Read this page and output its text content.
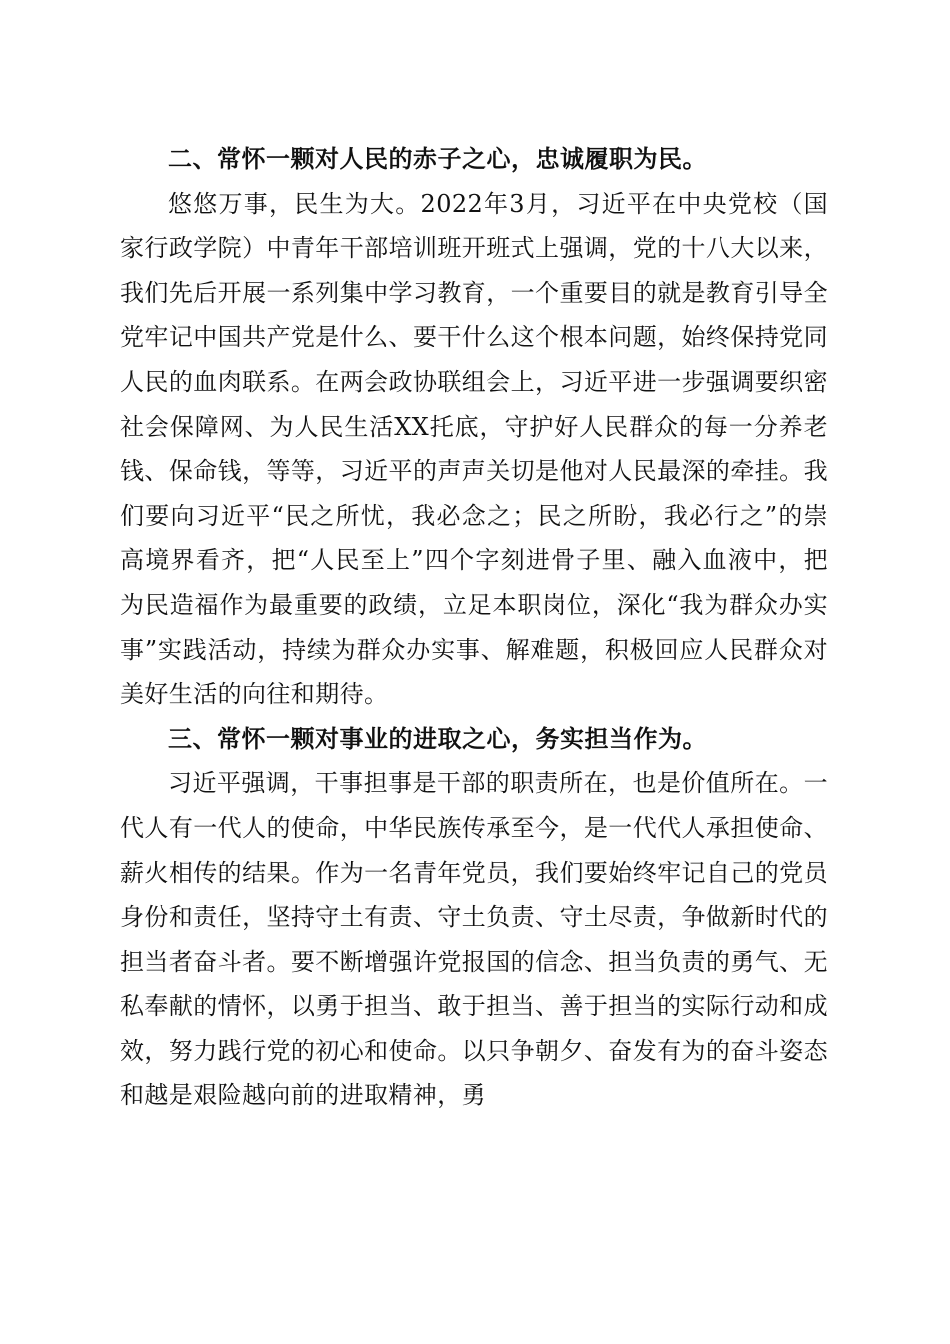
二、常怀一颗对人民的赤子之心，忠诚履职为民。

悠悠万事，民生为大。2022年3月，习近平在中央党校（国家行政学院）中青年干部培训班开班式上强调，党的十八大以来，我们先后开展一系列集中学习教育，一个重要目的就是教育引导全党牢记中国共产党是什么、要干什么这个根本问题，始终保持党同人民的血肉联系。在两会政协联组会上，习近平进一步强调要织密社会保障网、为人民生活XX托底，守护好人民群众的每一分养老钱、保命钱，等等，习近平的声声关切是他对人民最深的牵挂。我们要向习近平“民之所忧，我必念之；民之所盼，我必行之”的崇高境界看齐，把“人民至上”四个字刻进骨子里、融入血液中，把为民造福作为最重要的政绩，立足本职岗位，深化“我为群众办实事”实践活动，持续为群众办实事、解难题，积极回应人民群众对美好生活的向往和期待。

三、常怀一颗对事业的进取之心，务实担当作为。

习近平强调，干事担事是干部的职责所在，也是价值所在。一代人有一代人的使命，中华民族传承至今，是一代代人承担使命、薪火相传的结果。作为一名青年党员，我们要始终牢记自己的党员身份和责任，坚持守土有责、守土负责、守土尽责，争做新时代的担当者奋斗者。要不断增强许党报国的信念、担当负责的勇气、无私奉献的情怀，以勇于担当、敢于担当、善于担当的实际行动和成效，努力践行党的初心和使命。以只争朝夕、奋发有为的奋斗姿态和越是艰险越向前的进取精神，勇
